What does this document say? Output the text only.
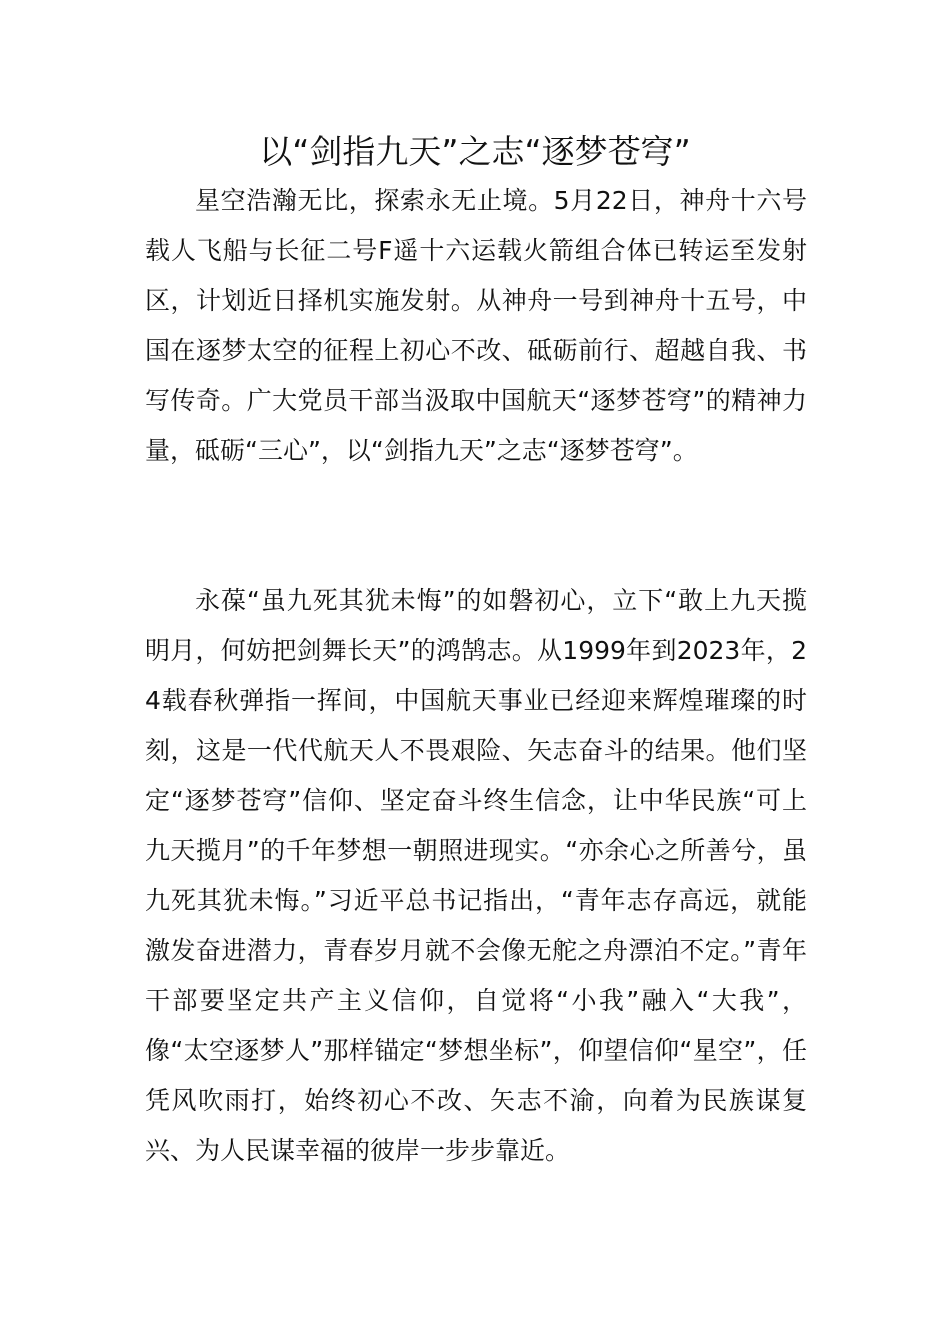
以“剑指九天”之志“逐梦苍穹”

星空浩瀚无比，探索永无止境。5月22日，神舟十六号载人飞船与长征二号F遥十六运载火箭组合体已转运至发射区，计划近日择机实施发射。从神舟一号到神舟十五号，中国在逐梦太空的征程上初心不改、砥砺前行、超越自我、书写传奇。广大党员干部当汲取中国航天“逐梦苍穹”的精神力量，砥砺“三心”，以“剑指九天”之志“逐梦苍穹”。

永葆“虽九死其犹未悔”的如磐初心，立下“敢上九天揽明月，何妨把剑舞长天”的鸿鹄志。从1999年到2023年，24载春秋弹指一挥间，中国航天事业已经迎来辉煌璀璨的时刻，这是一代代航天人不畏艰险、矢志奋斗的结果。他们坚定“逐梦苍穹”信仰、坚定奋斗终生信念，让中华民族“可上九天揽月”的千年梦想一朝照进现实。“亦余心之所善兮，虽九死其犹未悔。”习近平总书记指出，“青年志存高远，就能激发奋进潜力，青春岁月就不会像无舵之舟漂泊不定。”青年干部要坚定共产主义信仰，自觉将“小我”融入“大我”，像“太空逐梦人”那样锚定“梦想坐标”，仰望信仰“星空”，任凭风吹雨打，始终初心不改、矢志不渝，向着为民族谋复兴、为人民谋幸福的彼岸一步步靠近。
